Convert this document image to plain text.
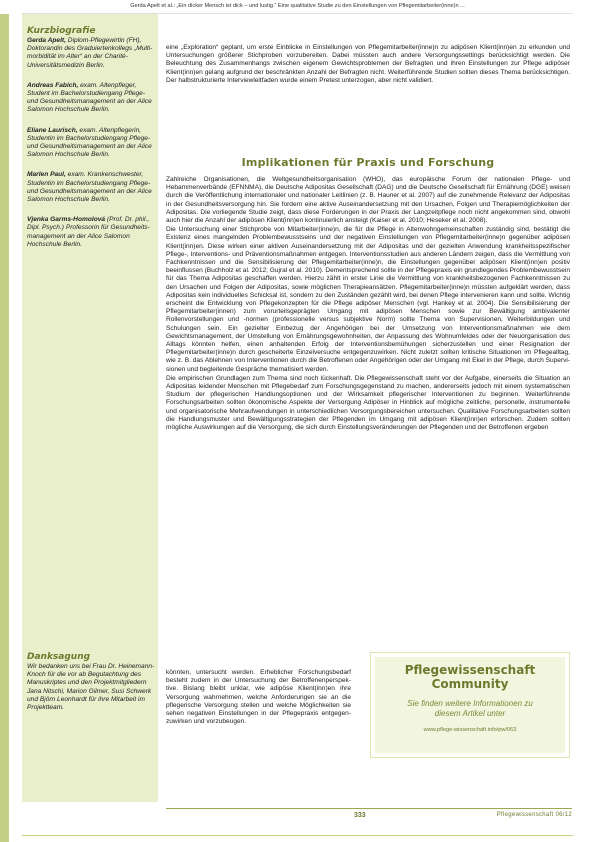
Gerda Apelt et al.: „Ein dicker Mensch ist dick – und lustig.“ Eine qualitative Studie zu den Einstellungen von Pflegemitarbeiter(inne)n ...
Kurzbiografie
Gerda Apelt, Diplom-Pflegewirtin (FH), Doktorandin des Graduiertenkollegs „Multimorbidität im Alter“ an der Charité-Universitätsmedizin Berlin.
Andreas Fabich, exam. Altenpfleger, Student im Bachelorstudiengang Pflege- und Gesundheitsmanagement an der Alice Salomon Hochschule Berlin.
Eliane Laurisch, exam. Altenpflegerin, Studentin im Bachelorstudiengang Pflege- und Gesundheitsmanagement an der Alice Salomon Hochschule Berlin.
Marlen Paul, exam. Krankenschwester, Studentin im Bachelorstudiengang Pflege- und Gesundheitsmanagement an der Alice Salomon Hochschule Berlin.
Vjenka Garms-Homolová (Prof. Dr. phil., Dipl. Psych.) Professorin für Gesundheitsmanagement an der Alice Salomon Hochschule Berlin.
Danksagung
Wir bedanken uns bei Frau Dr. Heinemann-Knoch für die vor ab Begutachtung des Manuskriptes und den Projektmitgliedern Jana Nitschi, Marion Gilmer, Susi Schwerk und Björn Leonhardt für ihre Mitarbeit im Projektteam.
eine „Exploration“ geplant, um erste Einblicke in Einstellungen von Pflegemitarbeiter(inne)n zu adipösen Klient(inn)en zu erkunden und Untersuchungen größerer Stichproben vorzubereiten. Dabei müssten auch andere Versorgungssettings berücksichtigt werden. Die Beleuchtung des Zusammenhangs zwischen eigenem Gewichtsproblemen der Befragten und ihren Einstellungen zur Pflege adipöser Klient(inn)en gelang aufgrund der beschränkten Anzahl der Befragten nicht. Weiterführende Studien sollten dieses Thema berücksichtigen. Der halbstrukturierte Interviewleitfaden wurde einem Pretest unterzogen, aber nicht validiert.
Implikationen für Praxis und Forschung

Zahlreiche Organisationen, die Weltgesundheitsorganisation (WHO), das europäische Forum der nationalen Pflege- und Hebammenverbände (EFNNMA), die Deutsche Adipositas Gesellschaft (DAG) und die Deutsche Gesellschaft für Ernährung (DGE) weisen durch die Veröffentlichung internationaler und nationaler Leitlinien (z. B. Hauner et al. 2007) auf die zunehmende Relevanz der Adipositas in der Gesundheitsversorgung hin. Sie fordern eine aktive Auseinandersetzung mit den Ursachen, Folgen und Therapiemöglichkeiten der Adipositas. Die vorliegende Studie zeigt, dass diese Forderungen in der Praxis der Langzeitpflege noch nicht angekommen sind, obwohl auch hier die Anzahl der adipösen Klient(inn)en kontinuierlich ansteigt (Kaiser et al. 2010; Heseker et al. 2008).

Die Untersuchung einer Stichprobe von Mitarbeiter(inne)n, die für die Pflege in Altenwohngemeinschaften zuständig sind, bestätigt die Existenz eines mangelnden Problembewusstseins und der negativen Einstellungen von Pflegemitarbeiter(inne)n gegenüber adipösen Klient(inn)en. Diese wirken einer aktiven Auseinandersetzung mit der Adipositas und der gezielten Anwendung krankheitsspezifischer Pflege-, Interventions- und Präventionsmaßnahmen entgegen. Interventionsstudien aus anderen Ländern zeigen, dass die Vermittlung von Fachkenntnissen und die Sensibilisierung der Pflegemitarbeiter(inne)n, die Einstellungen gegenüber adipösen Klient(inn)en positiv beeinflussen (Buchholz et al. 2012; Gujral et al. 2010). Dementsprechend sollte in der Pflegepraxis ein grundlegendes Problembewusstsein für das Thema Adipositas geschaffen werden. Hierzu zählt in erster Linie die Vermittlung von krankheitsbezogenen Fachkenntnissen zu den Ursachen und Folgen der Adipositas, sowie möglichen Therapieansätzen. Pflegemitarbeiter(inne)n müssten aufgeklärt werden, dass Adipositas kein individuelles Schicksal ist, sondern zu den Zuständen gezählt wird, bei denen Pflege intervenieren kann und sollte. Wichtig erscheint die Entwicklung von Pflegekonzepten für die Pflege adipöser Menschen (vgl. Hankey et al. 2004). Die Sensibilisierung der Pflegemitarbeiter(innen) zum vorurteilsgeprägten Umgang mit adipösen Menschen sowie zur Bewältigung ambivalenter Rollenvorstellungen und -normen (professionelle versus subjektive Norm) sollte Thema von Supervisionen, Weiterbildungen und Schulungen sein. Ein gezielter Einbezug der Angehörigen bei der Umsetzung von Interventionsmaßnahmen wie dem Gewichtsmanagement, der Umstellung von Ernährungsgewohnheiten, der Anpassung des Wohnumfeldes oder der Neuorganisation des Alltags könnten helfen, einen anhaltenden Erfolg der Interventionsbemühungen sicherzustellen und einer Resignation der Pflegemitarbeiter(inne)n durch gescheiterte Einzelversuche entgegenzuwirken. Nicht zuletzt sollten kritische Situationen im Pflegealltag, wie z. B. das Ablehnen von Interventionen durch die Betroffenen oder Angehörigen oder der Umgang mit Ekel in der Pflege, durch Supervisionen und begleitende Gespräche thematisiert werden.

Die empirischen Grundlagen zum Thema sind noch lückenhaft. Die Pflegewissenschaft steht vor der Aufgabe, einerseits die Situation an Adipositas leidender Menschen mit Pflegebedarf zum Forschungsgegenstand zu machen, andererseits jedoch mit einem systematischen Studium der pflegerischen Handlungsoptionen und der Wirksamkeit pflegerischer Interventionen zu beginnen. Weiterführende Forschungsarbeiten sollten ökonomische Aspekte der Versorgung Adipöser in Hinblick auf mögliche zeitliche, personelle, instrumentelle und organisatorische Mehraufwendungen in unterschiedlichen Versorgungsbereichen untersuchen. Qualitative Forschungsarbeiten sollten die Handlungsmuster und Bewältigungsstrategien der Pflegenden im Umgang mit adipösen Klient(inn)en erforschen. Zudem sollten mögliche Auswirkungen auf die Versorgung, die sich durch Einstellungsveränderungen der Pflegenden und der Betroffenen ergeben

könnten, untersucht werden. Erheblicher Forschungsbedarf besteht zudem in der Untersuchung der Betroffenenperspektive. Bislang bleibt unklar, wie adipöse Klient(inn)en ihre Versorgung wahrnehmen, welche Anforderungen sie an die pflegerische Versorgung stellen und welche Möglichkeiten sie sehen negativen Einstellungen in der Pflegepraxis entgegenzuwirken und vorzubeugen.
Pflegewissenschaft
Community
Sie finden weitere Informationen zu
diesem Artikel unter
www.pflege-wissenschaft.info/pw/063
333	Pflegewissenschaft 06/12
